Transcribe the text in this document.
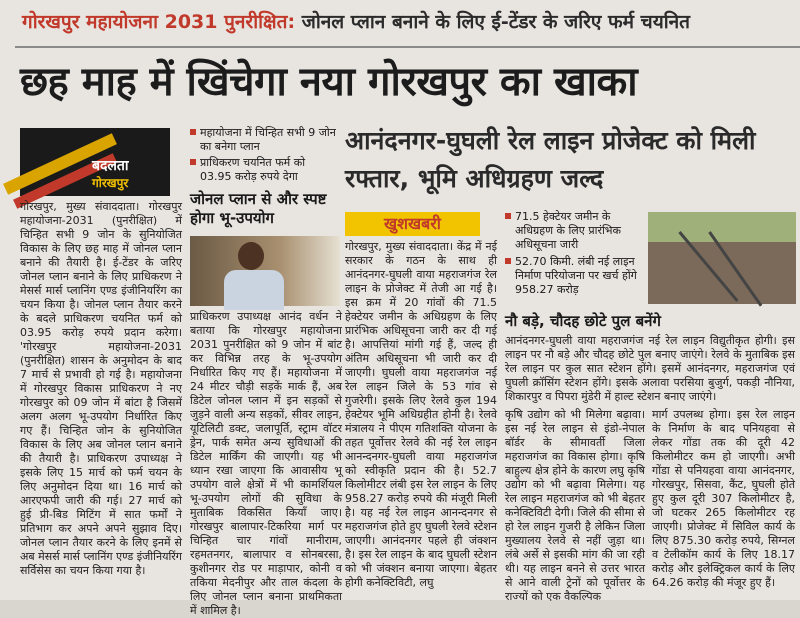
गोरखपुर महायोजना 2031 पुनरीक्षित: जोनल प्लान बनाने के लिए ई-टेंडर के जरिए फर्म चयनित
छह माह में खिंचेगा नया गोरखपुर का खाका
बदलता
गोरखपुर

गोरखपुर, मुख्य संवाददाता। गोरखपुर महायोजना-2031 (पुनरीक्षित) में चिन्हित सभी 9 जोन के सुनियोजित विकास के लिए छह माह में जोनल प्लान बनाने की तैयारी है। ई-टेंडर के जरिए जोनल प्लान बनाने के लिए प्राधिकरण ने मेसर्स मार्स प्लानिंग एण्ड इंजीनियरिंग का चयन किया है। जोनल प्लान तैयार करने के बदले प्राधिकरण चयनित फर्म को 03.95 करोड़ रुपये प्रदान करेगा। 'गोरखपुर महायोजना-2031 (पुनरीक्षित) शासन के अनुमोदन के बाद 7 मार्च से प्रभावी हो गई है। महायोजना में गोरखपुर विकास प्राधिकरण ने नए गोरखपुर को 09 जोन में बांटा है जिसमें अलग अलग भू-उपयोग निर्धारित किए गए हैं। चिन्हित जोन के सुनियोजित विकास के लिए अब जोनल प्लान बनाने की तैयारी है। प्राधिकरण उपाध्यक्ष ने इसके लिए 15 मार्च को फर्म चयन के लिए अनुमोदन दिया था। 16 मार्च को आरएफपी जारी की गई। 27 मार्च को हुई प्री-बिड मिटिंग में सात फर्मों ने प्रतिभाग कर अपने अपने सुझाव दिए। जोनल प्लान तैयार करने के लिए इनमें से अब मेसर्स मार्स प्लानिंग एण्ड इंजीनियरिंग सर्विसेस का चयन किया गया है।

महायोजना में चिन्हित सभी 9 जोन का बनेगा प्लान
प्राधिकरण चयनित फर्म को 03.95 करोड़ रुपये देगा
जोनल प्लान से और स्पष्ट होगा भू-उपयोग

प्राधिकरण उपाध्यक्ष आनंद वर्धन ने बताया कि गोरखपुर महायोजना 2031 पुनरीक्षित को 9 जोन में बांट कर विभिन्न तरह के भू-उपयोग निर्धारित किए गए हैं। महायोजना में 24 मीटर चौड़ी सड़कें मार्क हैं, अब डिटेल जोनल प्लान में इन सड़कों से जुड़ने वाली अन्य सड़कों, सीवर लाइन, यूटिलिटी डक्ट, जलापूर्ति, स्ट्राम वॉटर ड्रेन, पार्क समेत अन्य सुविधाओं की डिटेल मार्किंग की जाएगी। यह भी ध्यान रखा जाएगा कि आवासीय भू उपयोग वाले क्षेत्रों में भी कामर्शियल भू-उपयोग लोगों की सुविधा के मुताबिक विकसित कियाँ जाए। गोरखपुर बालापार-टिकरिया मार्ग पर चिन्हित चार गांवों मानीराम, रहमतनगर, बालापार व सोनबरसा, कुशीनगर रोड पर माड़ापार, कोनी व तकिया मेदनीपुर और ताल कंदला के लिए जोनल प्लान बनाना प्राथमिकता में शामिल है।

आनंदनगर-घुघली रेल लाइन प्रोजेक्ट को मिली रफ्तार, भूमि अधिग्रहण जल्द
खुशखबरी

गोरखपुर, मुख्य संवाददाता। केंद्र में नई सरकार के गठन के साथ ही आनंदनगर-घुघली वाया महराजगंज रेल लाइन के प्रोजेक्ट में तेजी आ गई है। इस क्रम में 20 गांवों की 71.5 हेक्टेयर जमीन के अधिग्रहण के लिए प्रारंभिक अधिसूचना जारी कर दी गई है। आपत्तियां मांगी गई हैं, जल्द ही अंतिम अधिसूचना भी जारी कर दी जाएगी। घुघली वाया महराजगंज नई रेल लाइन जिले के 53 गांव से गुजरेगी। इसके लिए रेलवे कुल 194 हेक्टेयर भूमि अधिग्रहीत होनी है। रेलवे मंत्रालय ने पीएम गतिशक्ति योजना के तहत पूर्वोत्तर रेलवे की नई रेल लाइन आनन्दनगर-घुघली वाया महराजगंज को स्वीकृति प्रदान की है। 52.7 किलोमीटर लंबी इस रेल लाइन के लिए 958.27 करोड़ रुपये की मंजूरी मिली है। यह नई रेल लाइन आनन्दनगर से महराजगंज होते हुए घुघली रेलवे स्टेशन जाएगी। आनंदनगर पहले ही जंक्शन है। इस रेल लाइन के बाद घुघली स्टेशन को भी जंक्शन बनाया जाएगा। बेहतर होगी कनेक्टिविटी, लघु

71.5 हेक्टेयर जमीन के अधिग्रहण के लिए प्रारंभिक अधिसूचना जारी
52.70 किमी. लंबी नई लाइन निर्माण परियोजना पर खर्च होंगे 958.27 करोड़
नौ बड़े, चौदह छोटे पुल बनेंगे

आनंदनगर-घुघली वाया महराजगंज नई रेल लाइन विद्युतीकृत होगी। इस लाइन पर नौ बड़े और चौदह छोटे पुल बनाए जाएंगे। रेलवे के मुताबिक इस रेल लाइन पर कुल सात स्टेशन होंगे। इसमें आनंदनगर, महराजगंज एवं घुघली क्रॉसिंग स्टेशन होंगे। इसके अलावा परसिया बुजुर्ग, पकड़ी नौनिया, शिकारपुर व पिपरा मुंडेरी में हाल्ट स्टेशन बनाए जाएंगे।

कृषि उद्योग को भी मिलेगा बढ़ावा। इस नई रेल लाइन से इंडो-नेपाल बॉर्डर के सीमावर्ती जिला महराजगंज का विकास होगा। कृषि बाहुल्य क्षेत्र होने के कारण लघु कृषि उद्योग को भी बढ़ावा मिलेगा। यह रेल लाइन महराजगंज को भी बेहतर कनेक्टिविटी देगी। जिले की सीमा से हो रेल लाइन गुजरी है लेकिन जिला मुख्यालय रेलवे से नहीं जुड़ा था। लंबे अर्से से इसकी मांग की जा रही थी। यह लाइन बनने से उत्तर भारत से आने वाली ट्रेनों को पूर्वोत्तर के राज्यों को एक वैकल्पिक

मार्ग उपलब्ध होगा। इस रेल लाइन के निर्माण के बाद पनियहवा से लेकर गोंडा तक की दूरी 42 किलोमीटर कम हो जाएगी। अभी गोंडा से पनियहवा वाया आनंदनगर, गोरखपुर, सिसवा, कैंट, घुघली होते हुए कुल दूरी 307 किलोमीटर है, जो घटकर 265 किलोमीटर रह जाएगी। प्रोजेक्ट में सिविल कार्य के लिए 875.30 करोड़ रुपये, सिग्नल व टेलीकॉम कार्य के लिए 18.17 करोड़ और इलेक्ट्रिकल कार्य के लिए 64.26 करोड़ की मंजूर हुए हैं।
